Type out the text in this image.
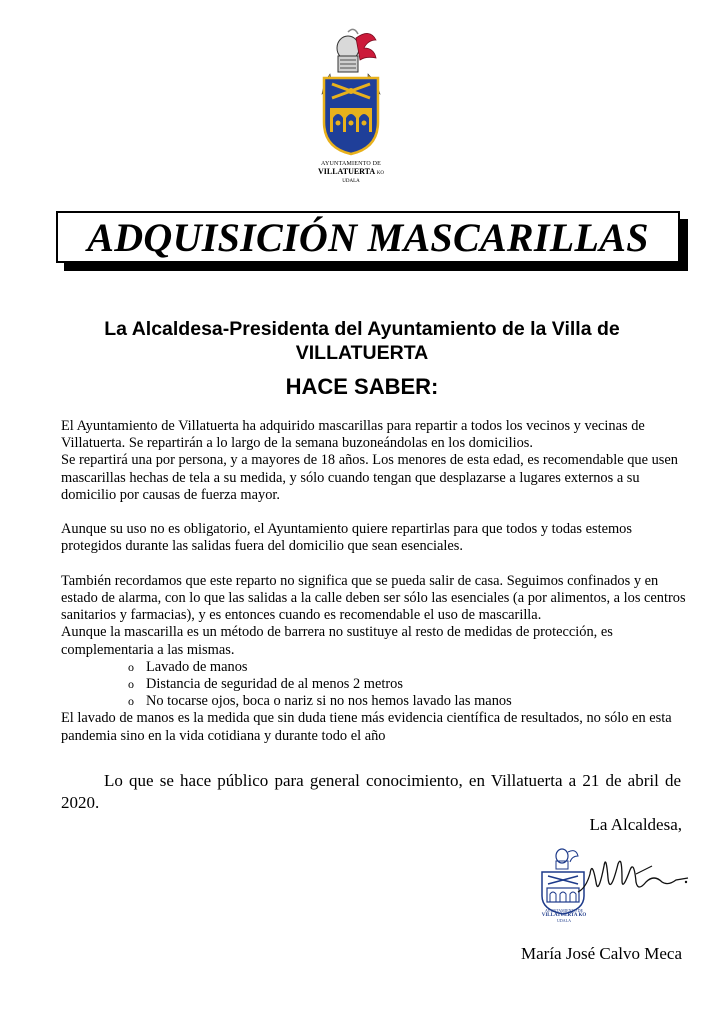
AYUNTAMIENTO DE
VILLATUERTA KO
UDALA
ADQUISICIÓN MASCARILLAS
La Alcaldesa-Presidenta del Ayuntamiento de la Villa de
VILLATUERTA
HACE SABER:

El Ayuntamiento de Villatuerta ha adquirido mascarillas para repartir a todos los vecinos y vecinas de Villatuerta. Se repartirán a lo largo de la semana buzoneándolas en los domicilios.

Se repartirá una por persona, y a mayores de 18 años. Los menores de esta edad, es recomendable que usen mascarillas hechas de tela a su medida, y sólo cuando tengan que desplazarse a lugares externos a su domicilio por causas de fuerza mayor.

Aunque su uso no es obligatorio, el Ayuntamiento quiere repartirlas para que todos y todas estemos protegidos durante las salidas fuera del domicilio que sean esenciales.

También recordamos que este reparto no significa que se pueda salir de casa. Seguimos confinados y en estado de alarma, con lo que las salidas a la calle deben ser sólo las esenciales (a por alimentos, a los centros sanitarios y farmacias), y es entonces cuando es recomendable el uso de mascarilla.

Aunque la mascarilla es un método de barrera no sustituye al resto de medidas de protección, es complementaria a las mismas.

o Lavado de manos
o Distancia de seguridad de al menos 2 metros
o No tocarse ojos, boca o nariz si no nos hemos lavado las manos

El lavado de manos es la medida que sin duda tiene más evidencia científica de resultados, no sólo en esta pandemia sino en la vida cotidiana y durante todo el año

Lo que se hace público para general conocimiento, en Villatuerta a 21 de abril de 2020.
La Alcaldesa,
AYUNTAMIENTO DE
VILLATUERTA KO
UDALA
María José Calvo Meca
